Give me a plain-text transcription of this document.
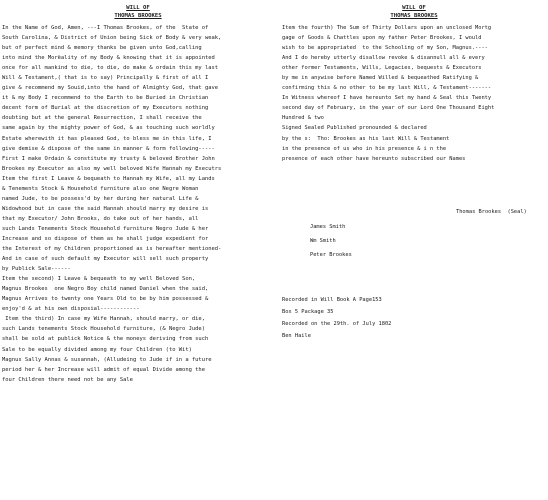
WILL OF
THOMAS BROOKES
In the Name of God, Amen, ---I Thomas Brookes, of the  State of
South Carolina, & District of Union being Sick of Body & very weak,
but of perfect mind & memory thanks be given unto God,calling
into mind the Morëality of my Body & knowing that it is appointed
once for all mankind to die, to die, do make & ordain this my last
Will & Testament,( that is to say) Principally & first of all I
give & recommend my Souid,into the hand of Almighty God, that gave
it & my Body I recommend to the Earth to be Buried in Christian
decent form of Burial at the discretion of my Executors nothing
doubting but at the general Resurrection, I shall receive the
same again by the mighty power of God, & as touching such worldly
Estate wherewith it has pleased God, to bless me in this life, I
give demise & dispose of the same in manner & form following-----
First I make Ordain & constitute my trusty & beloved Brother John
Brookes my Executor as also my well beloved Wife Hannah my Executrs
Item the first I Leave & bequeath to Hannah my Wife, all my Lands
& Tenements Stock & Household furniture also one Negre Woman
named Jude, to be possess'd by her during her natural Life &
Widowhood but in case the said Hannah should marry my desire is
that my Executor/ John Brooks, do take out of her hands, all
such Lands Tenements Stock Household furniture Negro Jude & her
Increase and so dispose of them as he shall judge expedient for
the Interest of my Children proportioned as is hereafter mentioned-
And in case of such default my Executor will sell such property
by Publick Sale------
Item the second) I Leave & bequeath to my well Beloved Son,
Magnus Brookes  one Negro Boy child named Daniel when the said,
Magnus Arrives to twenty one Years Old to be by him possessed &
enjoy'd & at his own disposial------------
Item the third) In case my Wife Hannah, should marry, or die,
such Lands tenements Stock Household furniture, (& Negro Jude)
shall be sold at publick Notice & the moneys deriving from such
Sale to be equally divided among my four Children (to Wit)
Magnus Sally Annas & susannah, (Alludeing to Jude if in a future
period her & her Increase will admit of equal Divide among the
four Children there need not be any Sale
WILL OF
THOMAS BROOKES
Item the fourth) The Sum of Thirty Dollars upon an unclosed Mortg
gage of Goods & Chattles upon my father Peter Brookes, I would
wish to be appropriated  to the Schooling of my Son, Magnus.----
And I do hereby utterly disallow revoke & disannull all & every
other former Testaments, Wills, Legacies, bequests & Executors
by me in anywise before Named Willed & bequeathed Ratifying &
confirming this & no other to be my last Will, & Testament-------
In Witness whereof I have hereunto Set my hand & Seal this Twenty
second day of February, in the year of our Lord One Thousand Eight
Hundred & two
Signed Sealed Published pronounded & declared
by the s:  Tho: Brookes as his last Will & Testament
in the presence of us who in his presence & i n the
presence of each other have hereunto subscribed our Names
Thomas Brookes  (Seal)
James Smith
Wm Smith
Peter Brookes
Recorded in Will Book A Page153
Box 5 Package 35
Recorded on the 29th. of July 1802
Ben Haile
